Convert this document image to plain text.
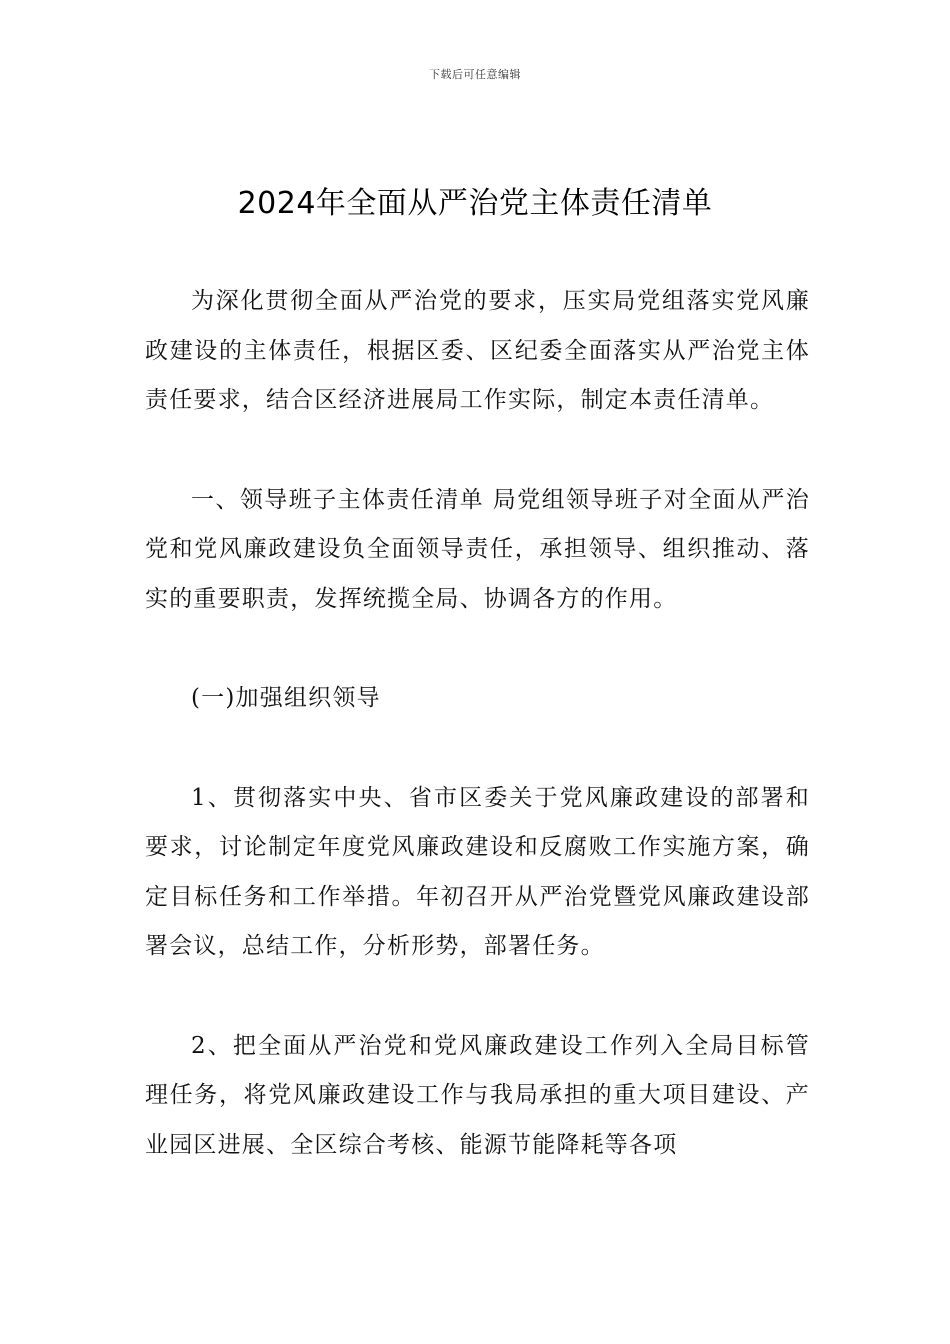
下载后可任意编辑
2024年全面从严治党主体责任清单

为深化贯彻全面从严治党的要求，压实局党组落实党风廉政建设的主体责任，根据区委、区纪委全面落实从严治党主体责任要求，结合区经济进展局工作实际，制定本责任清单。

一、领导班子主体责任清单 局党组领导班子对全面从严治党和党风廉政建设负全面领导责任，承担领导、组织推动、落实的重要职责，发挥统揽全局、协调各方的作用。

(一)加强组织领导

1、贯彻落实中央、省市区委关于党风廉政建设的部署和要求，讨论制定年度党风廉政建设和反腐败工作实施方案，确定目标任务和工作举措。年初召开从严治党暨党风廉政建设部署会议，总结工作，分析形势，部署任务。

2、把全面从严治党和党风廉政建设工作列入全局目标管理任务，将党风廉政建设工作与我局承担的重大项目建设、产业园区进展、全区综合考核、能源节能降耗等各项
